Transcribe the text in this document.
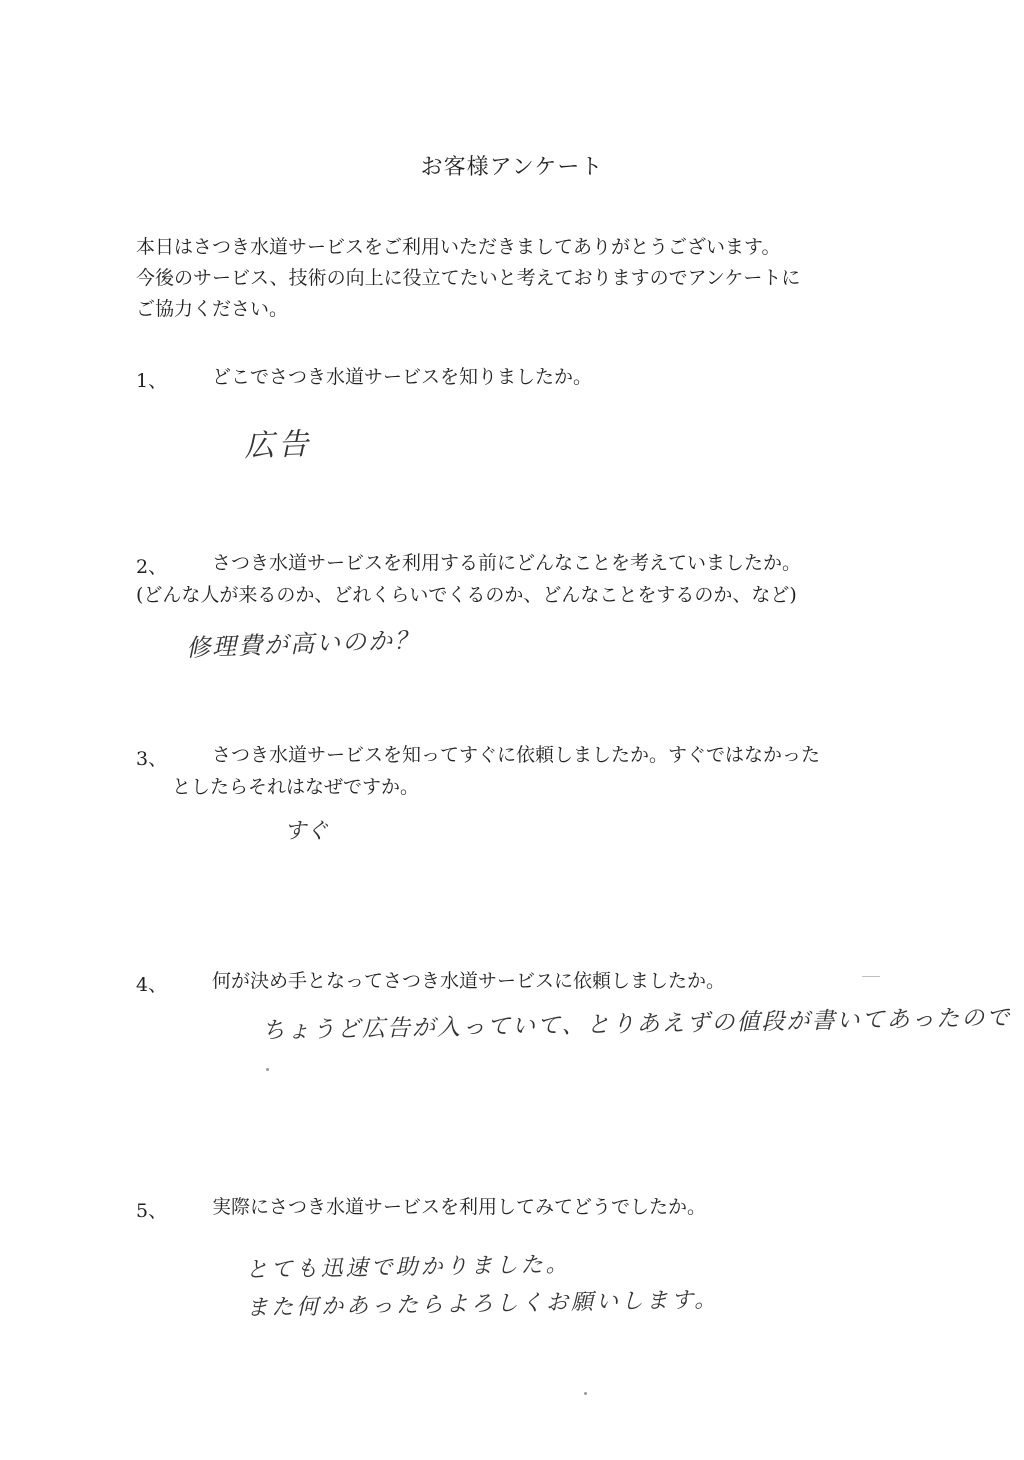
お客様アンケート
本日はさつき水道サービスをご利用いただきましてありがとうございます。
今後のサービス、技術の向上に役立てたいと考えておりますのでアンケートに
ご協力ください。
1、 どこでさつき水道サービスを知りましたか。
広告
2、 さつき水道サービスを利用する前にどんなことを考えていましたか。
(どんな人が来るのか、どれくらいでくるのか、どんなことをするのか、など)
修理費が高いのか？
3、 さつき水道サービスを知ってすぐに依頼しましたか。すぐではなかった
としたらそれはなぜですか。
すぐ
4、 何が決め手となってさつき水道サービスに依頼しましたか。
ちょうど広告が入っていて、とりあえずの値段が書いてあったので
5、 実際にさつき水道サービスを利用してみてどうでしたか。
とても迅速で助かりました。
また何かあったらよろしくお願いします。
